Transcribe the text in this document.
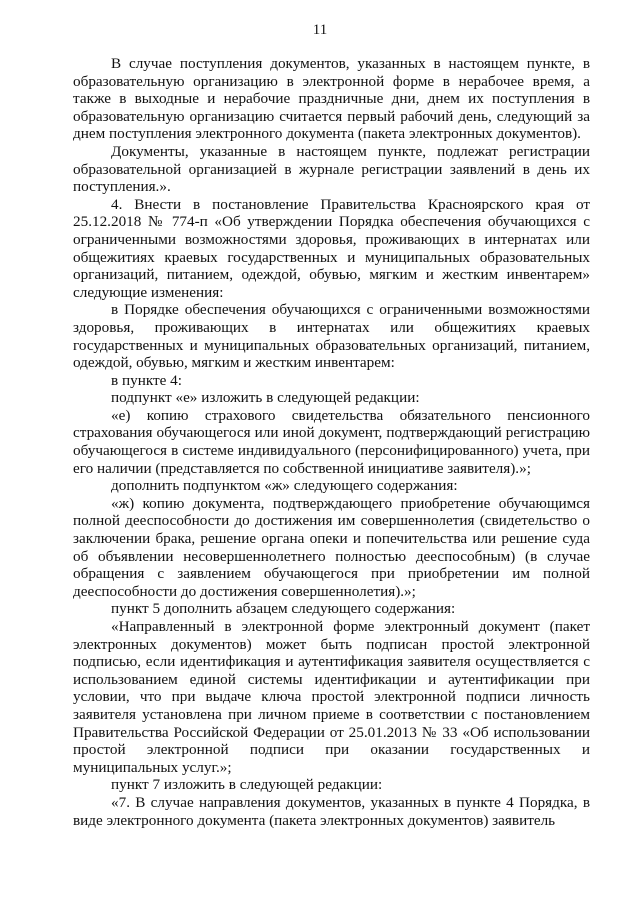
11

В случае поступления документов, указанных в настоящем пункте, в образовательную организацию в электронной форме в нерабочее время, а также в выходные и нерабочие праздничные дни, днем их поступления в образовательную организацию считается первый рабочий день, следующий за днем поступления электронного документа (пакета электронных документов).

Документы, указанные в настоящем пункте, подлежат регистрации образовательной организацией в журнале регистрации заявлений в день их поступления.».

4. Внести в постановление Правительства Красноярского края от 25.12.2018 № 774-п «Об утверждении Порядка обеспечения обучающихся с ограниченными возможностями здоровья, проживающих в интернатах или общежитиях краевых государственных и муниципальных образовательных организаций, питанием, одеждой, обувью, мягким и жестким инвентарем» следующие изменения:

в Порядке обеспечения обучающихся с ограниченными возможностями здоровья, проживающих в интернатах или общежитиях краевых государственных и муниципальных образовательных организаций, питанием, одеждой, обувью, мягким и жестким инвентарем:

в пункте 4:

подпункт «е» изложить в следующей редакции:

«е) копию страхового свидетельства обязательного пенсионного страхования обучающегося или иной документ, подтверждающий регистрацию обучающегося в системе индивидуального (персонифицированного) учета, при его наличии (представляется по собственной инициативе заявителя).»;

дополнить подпунктом «ж» следующего содержания:

«ж) копию документа, подтверждающего приобретение обучающимся полной дееспособности до достижения им совершеннолетия (свидетельство о заключении брака, решение органа опеки и попечительства или решение суда об объявлении несовершеннолетнего полностью дееспособным) (в случае обращения с заявлением обучающегося при приобретении им полной дееспособности до достижения совершеннолетия).»;

пункт 5 дополнить абзацем следующего содержания:

«Направленный в электронной форме электронный документ (пакет электронных документов) может быть подписан простой электронной подписью, если идентификация и аутентификация заявителя осуществляется с использованием единой системы идентификации и аутентификации при условии, что при выдаче ключа простой электронной подписи личность заявителя установлена при личном приеме в соответствии с постановлением Правительства Российской Федерации от 25.01.2013 № 33 «Об использовании простой электронной подписи при оказании государственных и муниципальных услуг.»;

пункт 7 изложить в следующей редакции:

«7. В случае направления документов, указанных в пункте 4 Порядка, в виде электронного документа (пакета электронных документов) заявитель
